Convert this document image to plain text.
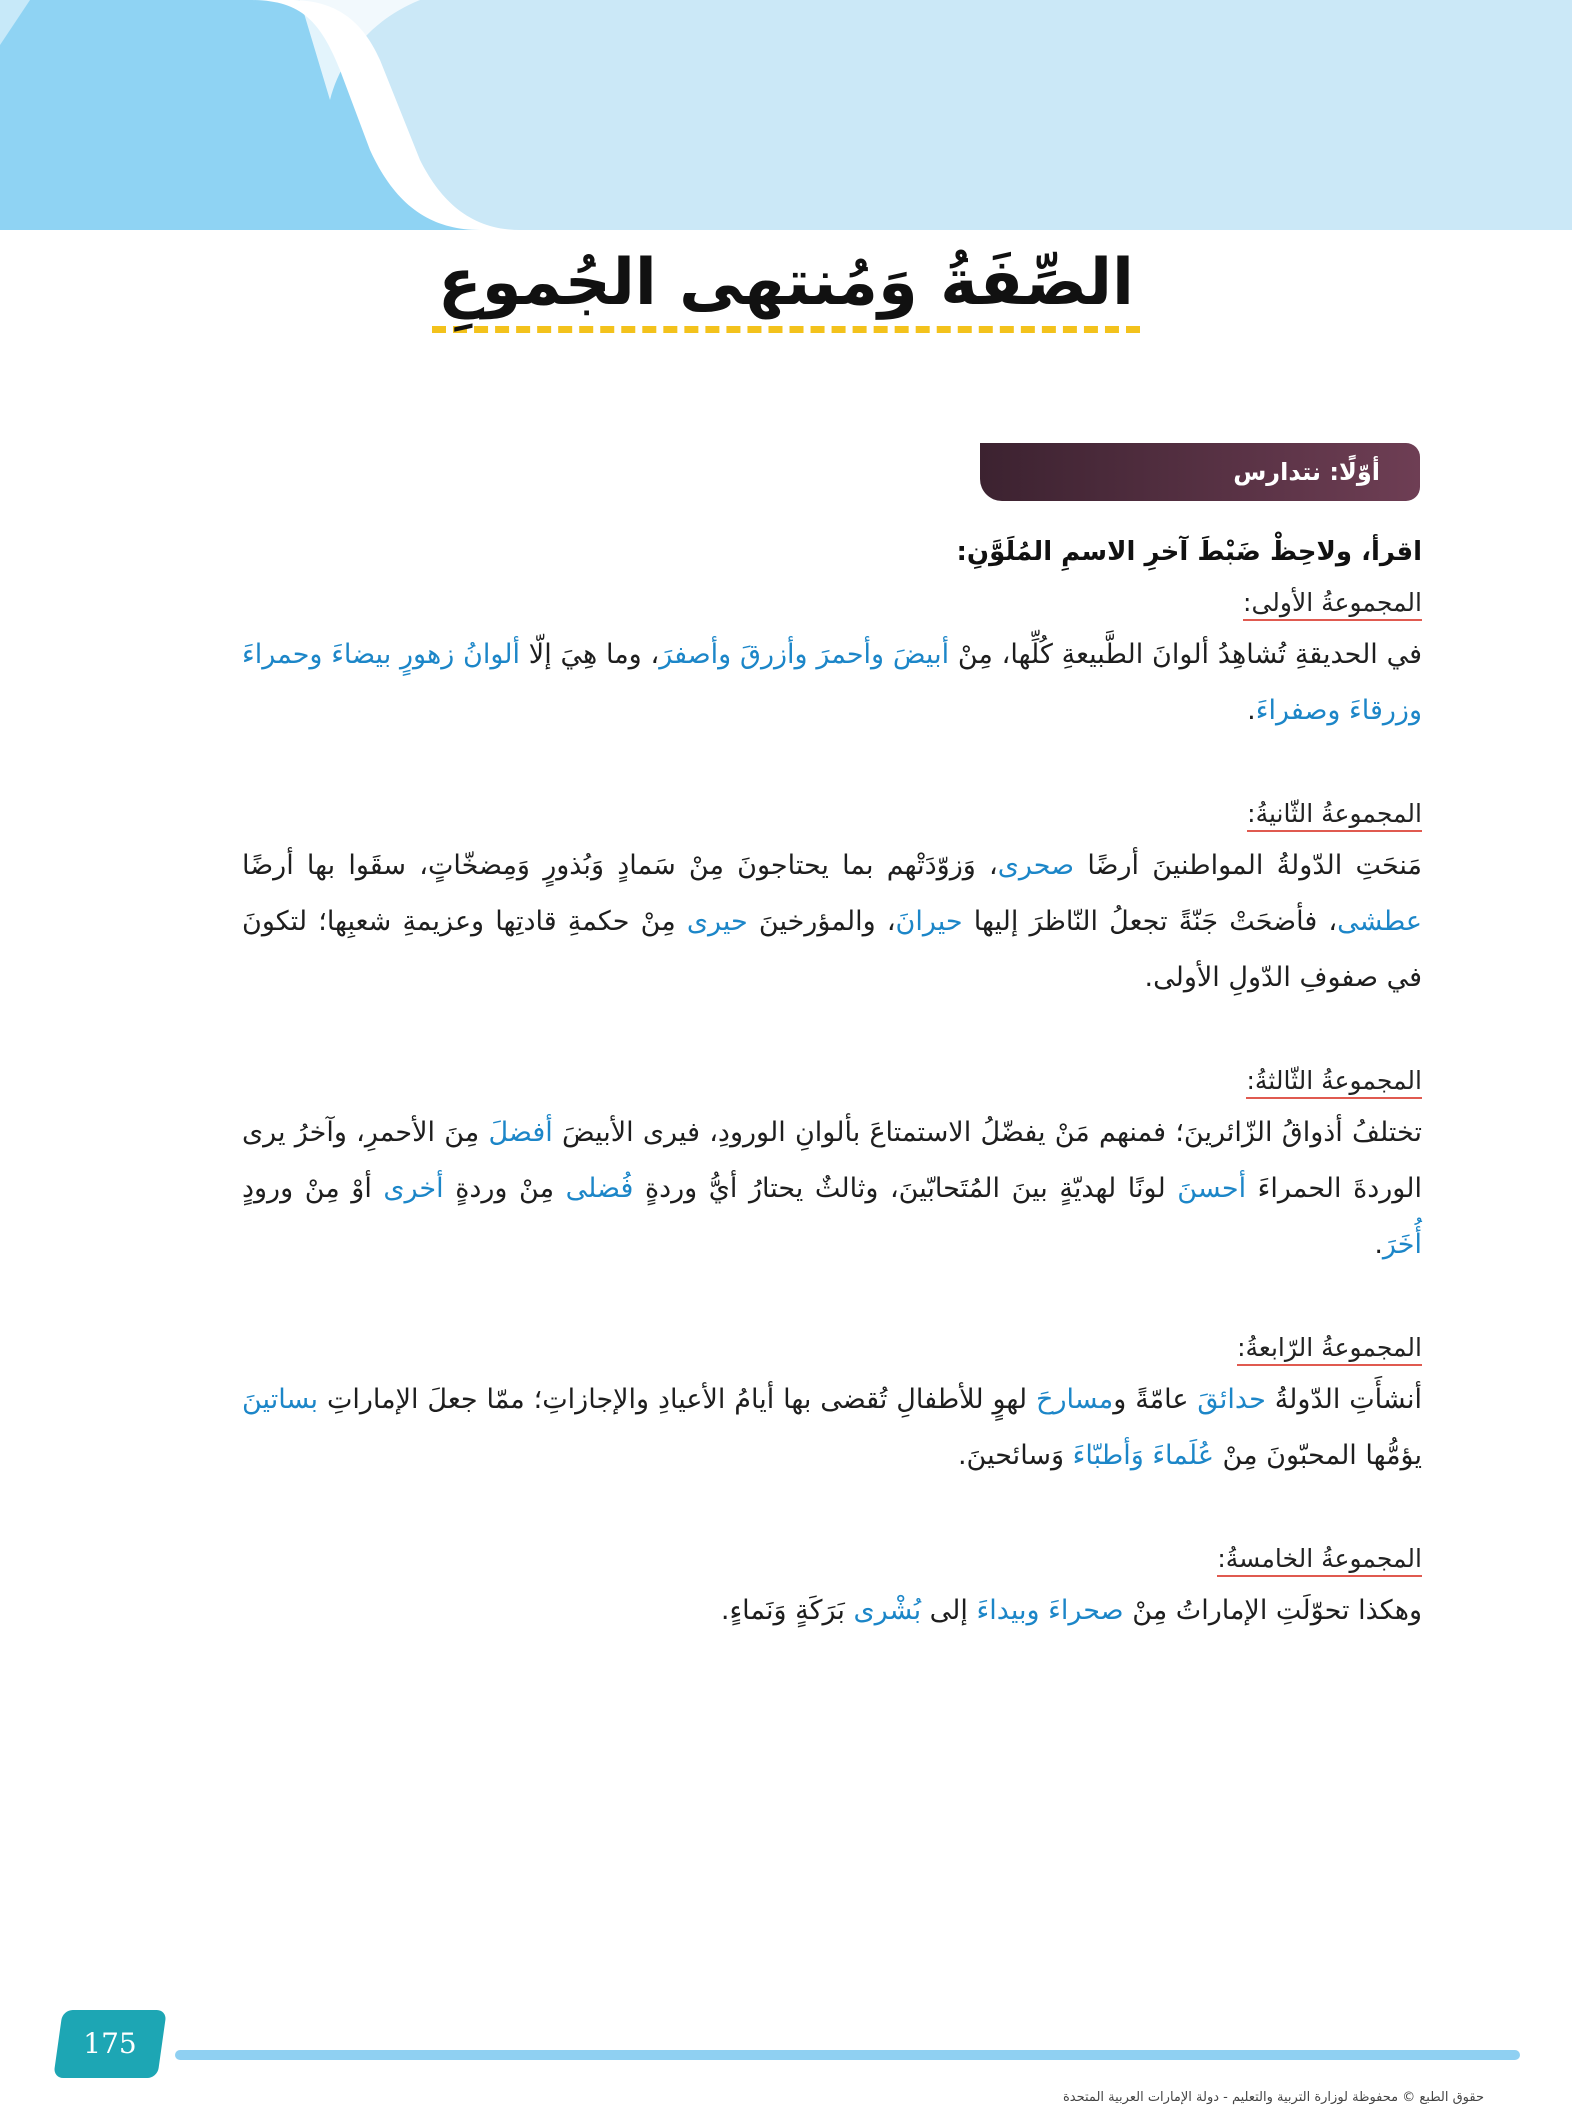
الصِّفَةُ وَمُنتهى الجُموعِ
أوّلًا: نتدارس
اقرأ، ولاحِظْ ضَبْطَ آخرِ الاسمِ المُلَوَّنِ:
المجموعةُ الأولى:

في الحديقةِ تُشاهِدُ ألوانَ الطَّبيعةِ كُلِّها، مِنْ أبيضَ وأحمرَ وأزرقَ وأصفرَ، وما هِيَ إلّا ألوانُ زهورٍ بيضاءَ وحمراءَ وزرقاءَ وصفراءَ.

المجموعةُ الثّانيةُ:

مَنحَتِ الدّولةُ المواطنينَ أرضًا صحرى، وَزوّدَتْهم بما يحتاجونَ مِنْ سَمادٍ وَبُذورٍ وَمِضخّاتٍ، سقَوا بها أرضًا عطشى، فأضحَتْ جَنّةً تجعلُ النّاظرَ إليها حيرانَ، والمؤرخينَ حيرى مِنْ حكمةِ قادتِها وعزيمةِ شعبِها؛ لتكونَ في صفوفِ الدّولِ الأولى.

المجموعةُ الثّالثةُ:

تختلفُ أذواقُ الزّائرينَ؛ فمنهم مَنْ يفضّلُ الاستمتاعَ بألوانِ الورودِ، فيرى الأبيضَ أفضلَ مِنَ الأحمرِ، وآخرُ يرى الوردةَ الحمراءَ أحسنَ لونًا لهديّةٍ بينَ المُتَحابّينَ، وثالثٌ يحتارُ أيُّ وردةٍ فُضلى مِنْ وردةٍ أخرى أوْ مِنْ ورودٍ أُخَرَ.

المجموعةُ الرّابعةُ:

أنشأَتِ الدّولةُ حدائقَ عامّةً ومسارحَ لهوٍ للأطفالِ تُقضى بها أيامُ الأعيادِ والإجازاتِ؛ ممّا جعلَ الإماراتِ بساتينَ يؤمُّها المحبّونَ مِنْ عُلَماءَ وَأطبّاءَ وَسائحينَ.

المجموعةُ الخامسةُ:

وهكذا تحوّلَتِ الإماراتُ مِنْ صحراءَ وبيداءَ إلى بُشْرى بَرَكَةٍ وَنَماءٍ.

175
حقوق الطبع © محفوظة لوزارة التربية والتعليم - دولة الإمارات العربية المتحدة
